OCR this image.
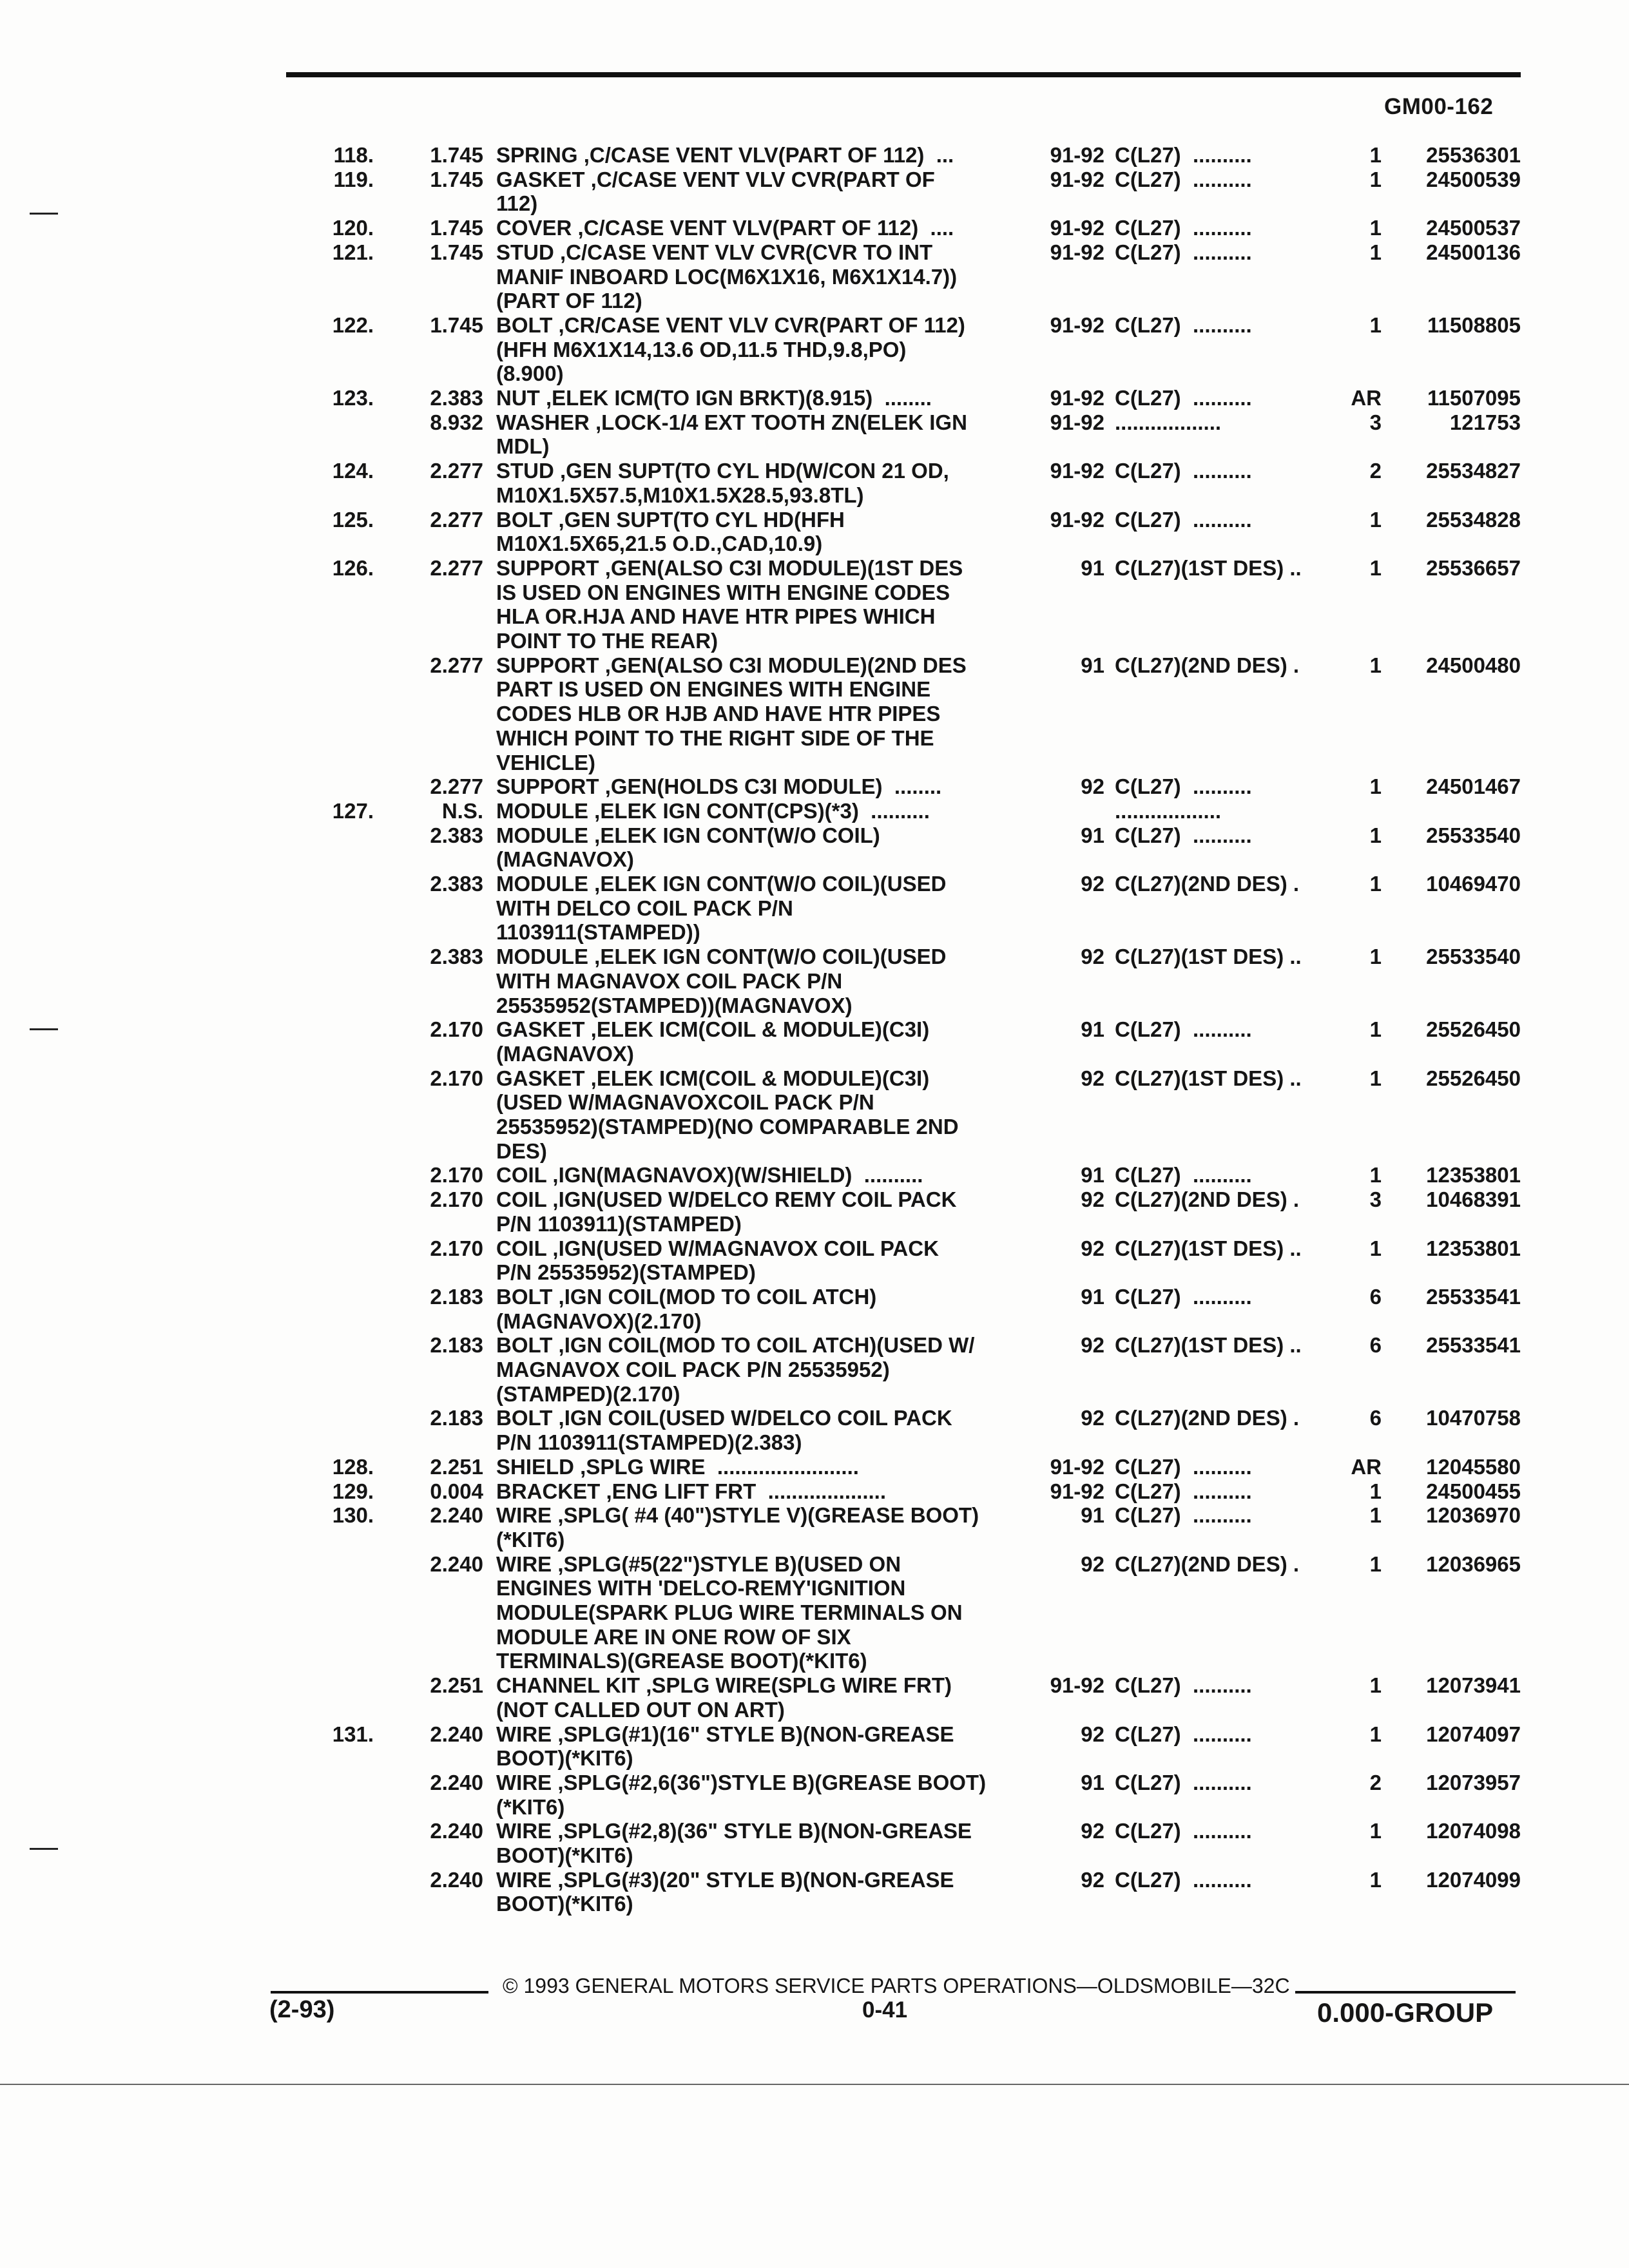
GM00-162
118.	1.745 SPRING ,C/CASE VENT VLV(PART OF 112)  ...	91-92 C(L27)  ..........	1	25536301
119.	1.745 GASKET ,C/CASE VENT VLV CVR(PART OF	91-92 C(L27)  ..........	1	24500539
112)
120.	1.745 COVER ,C/CASE VENT VLV(PART OF 112)  ....	91-92 C(L27)  ..........	1	24500537
121.	1.745 STUD ,C/CASE VENT VLV CVR(CVR TO INT	91-92 C(L27)  ..........	1	24500136
MANIF INBOARD LOC(M6X1X16, M6X1X14.7))
(PART OF 112)
122.	1.745 BOLT ,CR/CASE VENT VLV CVR(PART OF 112)	91-92 C(L27)  ..........	1	11508805
(HFH M6X1X14,13.6 OD,11.5 THD,9.8,PO)
(8.900)
123.	2.383 NUT ,ELEK ICM(TO IGN BRKT)(8.915)  ........	91-92 C(L27)  ..........	AR	11507095
8.932 WASHER ,LOCK-1/4 EXT TOOTH ZN(ELEK IGN	91-92 ..................	3	121753
MDL)
124.	2.277 STUD ,GEN SUPT(TO CYL HD(W/CON 21 OD,	91-92 C(L27)  ..........	2	25534827
M10X1.5X57.5,M10X1.5X28.5,93.8TL)
125.	2.277 BOLT ,GEN SUPT(TO CYL HD(HFH	91-92 C(L27)  ..........	1	25534828
M10X1.5X65,21.5 O.D.,CAD,10.9)
126.	2.277 SUPPORT ,GEN(ALSO C3I MODULE)(1ST DES	91 C(L27)(1ST DES) ..	1	25536657
IS USED ON ENGINES WITH ENGINE CODES
HLA OR.HJA AND HAVE HTR PIPES WHICH
POINT TO THE REAR)
2.277 SUPPORT ,GEN(ALSO C3I MODULE)(2ND DES	91 C(L27)(2ND DES) .	1	24500480
PART IS USED ON ENGINES WITH ENGINE
CODES HLB OR HJB AND HAVE HTR PIPES
WHICH POINT TO THE RIGHT SIDE OF THE
VEHICLE)
2.277 SUPPORT ,GEN(HOLDS C3I MODULE)  ........	92 C(L27)  ..........	1	24501467
127.	N.S. MODULE ,ELEK IGN CONT(CPS)(*3)  ..........	..................
2.383 MODULE ,ELEK IGN CONT(W/O COIL)	91 C(L27)  ..........	1	25533540
(MAGNAVOX)
2.383 MODULE ,ELEK IGN CONT(W/O COIL)(USED	92 C(L27)(2ND DES) .	1	10469470
WITH DELCO COIL PACK P/N
1103911(STAMPED))
2.383 MODULE ,ELEK IGN CONT(W/O COIL)(USED	92 C(L27)(1ST DES) ..	1	25533540
WITH MAGNAVOX COIL PACK P/N
25535952(STAMPED))(MAGNAVOX)
2.170 GASKET ,ELEK ICM(COIL & MODULE)(C3I)	91 C(L27)  ..........	1	25526450
(MAGNAVOX)
2.170 GASKET ,ELEK ICM(COIL & MODULE)(C3I)	92 C(L27)(1ST DES) ..	1	25526450
(USED W/MAGNAVOXCOIL PACK P/N
25535952)(STAMPED)(NO COMPARABLE 2ND
DES)
2.170 COIL ,IGN(MAGNAVOX)(W/SHIELD)  ..........	91 C(L27)  ..........	1	12353801
2.170 COIL ,IGN(USED W/DELCO REMY COIL PACK	92 C(L27)(2ND DES) .	3	10468391
P/N 1103911)(STAMPED)
2.170 COIL ,IGN(USED W/MAGNAVOX COIL PACK	92 C(L27)(1ST DES) ..	1	12353801
P/N 25535952)(STAMPED)
2.183 BOLT ,IGN COIL(MOD TO COIL ATCH)	91 C(L27)  ..........	6	25533541
(MAGNAVOX)(2.170)
2.183 BOLT ,IGN COIL(MOD TO COIL ATCH)(USED W/	92 C(L27)(1ST DES) ..	6	25533541
MAGNAVOX COIL PACK P/N 25535952)
(STAMPED)(2.170)
2.183 BOLT ,IGN COIL(USED W/DELCO COIL PACK	92 C(L27)(2ND DES) .	6	10470758
P/N 1103911(STAMPED)(2.383)
128.	2.251 SHIELD ,SPLG WIRE  ........................	91-92 C(L27)  ..........	AR	12045580
129.	0.004 BRACKET ,ENG LIFT FRT  ....................	91-92 C(L27)  ..........	1	24500455
130.	2.240 WIRE ,SPLG( #4 (40")STYLE V)(GREASE BOOT)	91 C(L27)  ..........	1	12036970
(*KIT6)
2.240 WIRE ,SPLG(#5(22")STYLE B)(USED ON	92 C(L27)(2ND DES) .	1	12036965
ENGINES WITH 'DELCO-REMY'IGNITION
MODULE(SPARK PLUG WIRE TERMINALS ON
MODULE ARE IN ONE ROW OF SIX
TERMINALS)(GREASE BOOT)(*KIT6)
2.251 CHANNEL KIT ,SPLG WIRE(SPLG WIRE FRT)	91-92 C(L27)  ..........	1	12073941
(NOT CALLED OUT ON ART)
131.	2.240 WIRE ,SPLG(#1)(16" STYLE B)(NON-GREASE	92 C(L27)  ..........	1	12074097
BOOT)(*KIT6)
2.240 WIRE ,SPLG(#2,6(36")STYLE B)(GREASE BOOT)	91 C(L27)  ..........	2	12073957
(*KIT6)
2.240 WIRE ,SPLG(#2,8)(36" STYLE B)(NON-GREASE	92 C(L27)  ..........	1	12074098
BOOT)(*KIT6)
2.240 WIRE ,SPLG(#3)(20" STYLE B)(NON-GREASE	92 C(L27)  ..........	1	12074099
BOOT)(*KIT6)
© 1993 GENERAL MOTORS SERVICE PARTS OPERATIONS—OLDSMOBILE—32C
(2-93)	0-41	0.000-GROUP
